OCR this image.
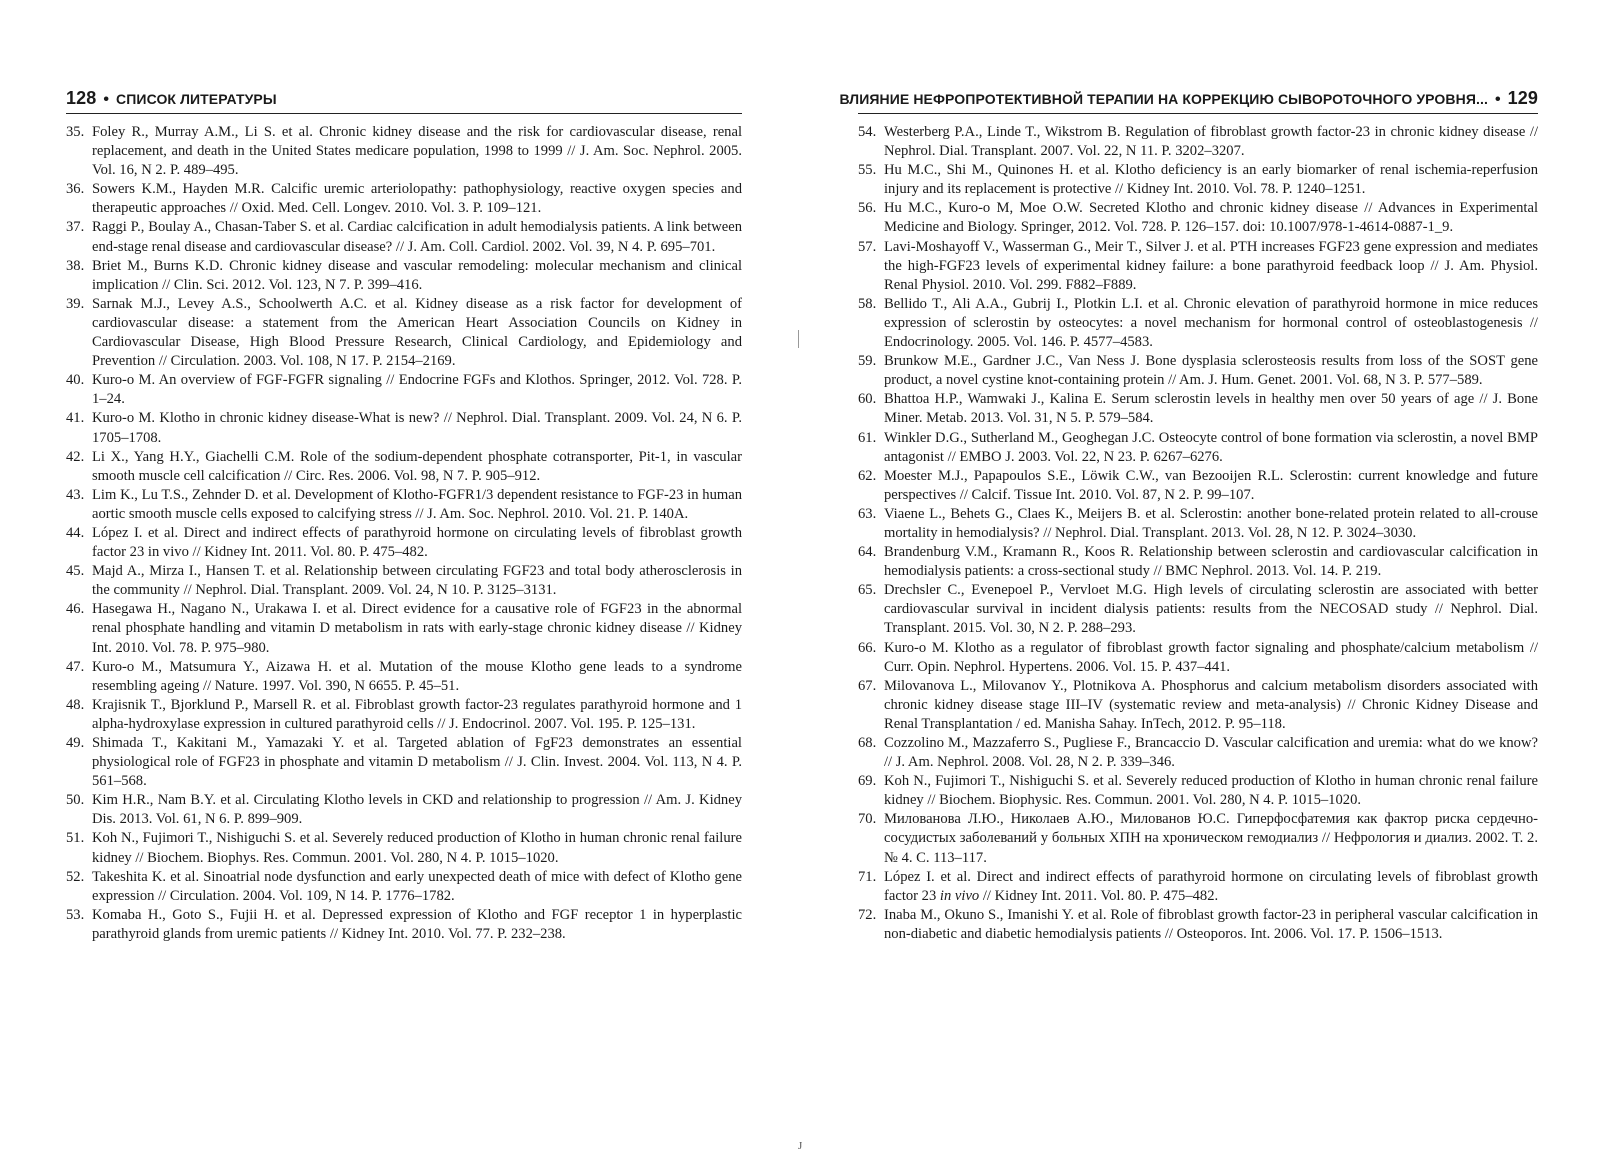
128 • СПИСОК ЛИТЕРАТУРЫ
35. Foley R., Murray A.M., Li S. et al. Chronic kidney disease and the risk for cardiovascular disease, renal replacement, and death in the United States medicare population, 1998 to 1999 // J. Am. Soc. Nephrol. 2005. Vol. 16, N 2. P. 489–495.
36. Sowers K.M., Hayden M.R. Calcific uremic arteriolopathy: pathophysiology, reactive oxygen species and therapeutic approaches // Oxid. Med. Cell. Longev. 2010. Vol. 3. P. 109–121.
37. Raggi P., Boulay A., Chasan-Taber S. et al. Cardiac calcification in adult hemodialysis patients. A link between end-stage renal disease and cardiovascular disease? // J. Am. Coll. Cardiol. 2002. Vol. 39, N 4. P. 695–701.
38. Briet M., Burns K.D. Chronic kidney disease and vascular remodeling: molecular mechanism and clinical implication // Clin. Sci. 2012. Vol. 123, N 7. P. 399–416.
39. Sarnak M.J., Levey A.S., Schoolwerth A.C. et al. Kidney disease as a risk factor for development of cardiovascular disease: a statement from the American Heart Association Councils on Kidney in Cardiovascular Disease, High Blood Pressure Research, Clinical Cardiology, and Epidemiology and Prevention // Circulation. 2003. Vol. 108, N 17. P. 2154–2169.
40. Kuro-o M. An overview of FGF-FGFR signaling // Endocrine FGFs and Klothos. Springer, 2012. Vol. 728. P. 1–24.
41. Kuro-o M. Klotho in chronic kidney disease-What is new? // Nephrol. Dial. Transplant. 2009. Vol. 24, N 6. P. 1705–1708.
42. Li X., Yang H.Y., Giachelli C.M. Role of the sodium-dependent phosphate cotransporter, Pit-1, in vascular smooth muscle cell calcification // Circ. Res. 2006. Vol. 98, N 7. P. 905–912.
43. Lim K., Lu T.S., Zehnder D. et al. Development of Klotho-FGFR1/3 dependent resistance to FGF-23 in human aortic smooth muscle cells exposed to calcifying stress // J. Am. Soc. Nephrol. 2010. Vol. 21. P. 140A.
44. López I. et al. Direct and indirect effects of parathyroid hormone on circulating levels of fibroblast growth factor 23 in vivo // Kidney Int. 2011. Vol. 80. P. 475–482.
45. Majd A., Mirza I., Hansen T. et al. Relationship between circulating FGF23 and total body atherosclerosis in the community // Nephrol. Dial. Transplant. 2009. Vol. 24, N 10. P. 3125–3131.
46. Hasegawa H., Nagano N., Urakawa I. et al. Direct evidence for a causative role of FGF23 in the abnormal renal phosphate handling and vitamin D metabolism in rats with early-stage chronic kidney disease // Kidney Int. 2010. Vol. 78. P. 975–980.
47. Kuro-o M., Matsumura Y., Aizawa H. et al. Mutation of the mouse Klotho gene leads to a syndrome resembling ageing // Nature. 1997. Vol. 390, N 6655. P. 45–51.
48. Krajisnik T., Bjorklund P., Marsell R. et al. Fibroblast growth factor-23 regulates parathyroid hormone and 1 alpha-hydroxylase expression in cultured parathyroid cells // J. Endocrinol. 2007. Vol. 195. P. 125–131.
49. Shimada T., Kakitani M., Yamazaki Y. et al. Targeted ablation of FgF23 demonstrates an essential physiological role of FGF23 in phosphate and vitamin D metabolism // J. Clin. Invest. 2004. Vol. 113, N 4. P. 561–568.
50. Kim H.R., Nam B.Y. et al. Circulating Klotho levels in CKD and relationship to progression // Am. J. Kidney Dis. 2013. Vol. 61, N 6. P. 899–909.
51. Koh N., Fujimori T., Nishiguchi S. et al. Severely reduced production of Klotho in human chronic renal failure kidney // Biochem. Biophys. Res. Commun. 2001. Vol. 280, N 4. P. 1015–1020.
52. Takeshita K. et al. Sinoatrial node dysfunction and early unexpected death of mice with defect of Klotho gene expression // Circulation. 2004. Vol. 109, N 14. P. 1776–1782.
53. Komaba H., Goto S., Fujii H. et al. Depressed expression of Klotho and FGF receptor 1 in hyperplastic parathyroid glands from uremic patients // Kidney Int. 2010. Vol. 77. P. 232–238.
ВЛИЯНИЕ НЕФРОПРОТЕКТИВНОЙ ТЕРАПИИ НА КОРРЕКЦИЮ СЫВОРОТОЧНОГО УРОВНЯ... • 129
54. Westerberg P.A., Linde T., Wikstrom B. Regulation of fibroblast growth factor-23 in chronic kidney disease // Nephrol. Dial. Transplant. 2007. Vol. 22, N 11. P. 3202–3207.
55. Hu M.C., Shi M., Quinones H. et al. Klotho deficiency is an early biomarker of renal ischemia-reperfusion injury and its replacement is protective // Kidney Int. 2010. Vol. 78. P. 1240–1251.
56. Hu M.C., Kuro-o M, Moe O.W. Secreted Klotho and chronic kidney disease // Advances in Experimental Medicine and Biology. Springer, 2012. Vol. 728. P. 126–157. doi: 10.1007/978-1-4614-0887-1_9.
57. Lavi-Moshayoff V., Wasserman G., Meir T., Silver J. et al. PTH increases FGF23 gene expression and mediates the high-FGF23 levels of experimental kidney failure: a bone parathyroid feedback loop // J. Am. Physiol. Renal Physiol. 2010. Vol. 299. F882–F889.
58. Bellido T., Ali A.A., Gubrij I., Plotkin L.I. et al. Chronic elevation of parathyroid hormone in mice reduces expression of sclerostin by osteocytes: a novel mechanism for hormonal control of osteoblastogenesis // Endocrinology. 2005. Vol. 146. P. 4577–4583.
59. Brunkow M.E., Gardner J.C., Van Ness J. Bone dysplasia sclerosteosis results from loss of the SOST gene product, a novel cystine knot-containing protein // Am. J. Hum. Genet. 2001. Vol. 68, N 3. P. 577–589.
60. Bhattoa H.P., Wamwaki J., Kalina E. Serum sclerostin levels in healthy men over 50 years of age // J. Bone Miner. Metab. 2013. Vol. 31, N 5. P. 579–584.
61. Winkler D.G., Sutherland M., Geoghegan J.C. Osteocyte control of bone formation via sclerostin, a novel BMP antagonist // EMBO J. 2003. Vol. 22, N 23. P. 6267–6276.
62. Moester M.J., Papapoulos S.E., Löwik C.W., van Bezooijen R.L. Sclerostin: current knowledge and future perspectives // Calcif. Tissue Int. 2010. Vol. 87, N 2. P. 99–107.
63. Viaene L., Behets G., Claes K., Meijers B. et al. Sclerostin: another bone-related protein related to all-crouse mortality in hemodialysis? // Nephrol. Dial. Transplant. 2013. Vol. 28, N 12. P. 3024–3030.
64. Brandenburg V.M., Kramann R., Koos R. Relationship between sclerostin and cardiovascular calcification in hemodialysis patients: a cross-sectional study // BMC Nephrol. 2013. Vol. 14. P. 219.
65. Drechsler C., Evenepoel P., Vervloet M.G. High levels of circulating sclerostin are associated with better cardiovascular survival in incident dialysis patients: results from the NECOSAD study // Nephrol. Dial. Transplant. 2015. Vol. 30, N 2. P. 288–293.
66. Kuro-o M. Klotho as a regulator of fibroblast growth factor signaling and phosphate/calcium metabolism // Curr. Opin. Nephrol. Hypertens. 2006. Vol. 15. P. 437–441.
67. Milovanova L., Milovanov Y., Plotnikova A. Phosphorus and calcium metabolism disorders associated with chronic kidney disease stage III–IV (systematic review and meta-analysis) // Chronic Kidney Disease and Renal Transplantation / ed. Manisha Sahay. InTech, 2012. P. 95–118.
68. Cozzolino M., Mazzaferro S., Pugliese F., Brancaccio D. Vascular calcification and uremia: what do we know? // J. Am. Nephrol. 2008. Vol. 28, N 2. P. 339–346.
69. Koh N., Fujimori T., Nishiguchi S. et al. Severely reduced production of Klotho in human chronic renal failure kidney // Biochem. Biophysic. Res. Commun. 2001. Vol. 280, N 4. P. 1015–1020.
70. Милованова Л.Ю., Николаев А.Ю., Милованов Ю.С. Гиперфосфатемия как фактор риска сердечно-сосудистых заболеваний у больных ХПН на хроническом гемодиализ // Нефрология и диализ. 2002. Т. 2. № 4. С. 113–117.
71. López I. et al. Direct and indirect effects of parathyroid hormone on circulating levels of fibroblast growth factor 23 in vivo // Kidney Int. 2011. Vol. 80. P. 475–482.
72. Inaba M., Okuno S., Imanishi Y. et al. Role of fibroblast growth factor-23 in peripheral vascular calcification in non-diabetic and diabetic hemodialysis patients // Osteoporos. Int. 2006. Vol. 17. P. 1506–1513.
J
